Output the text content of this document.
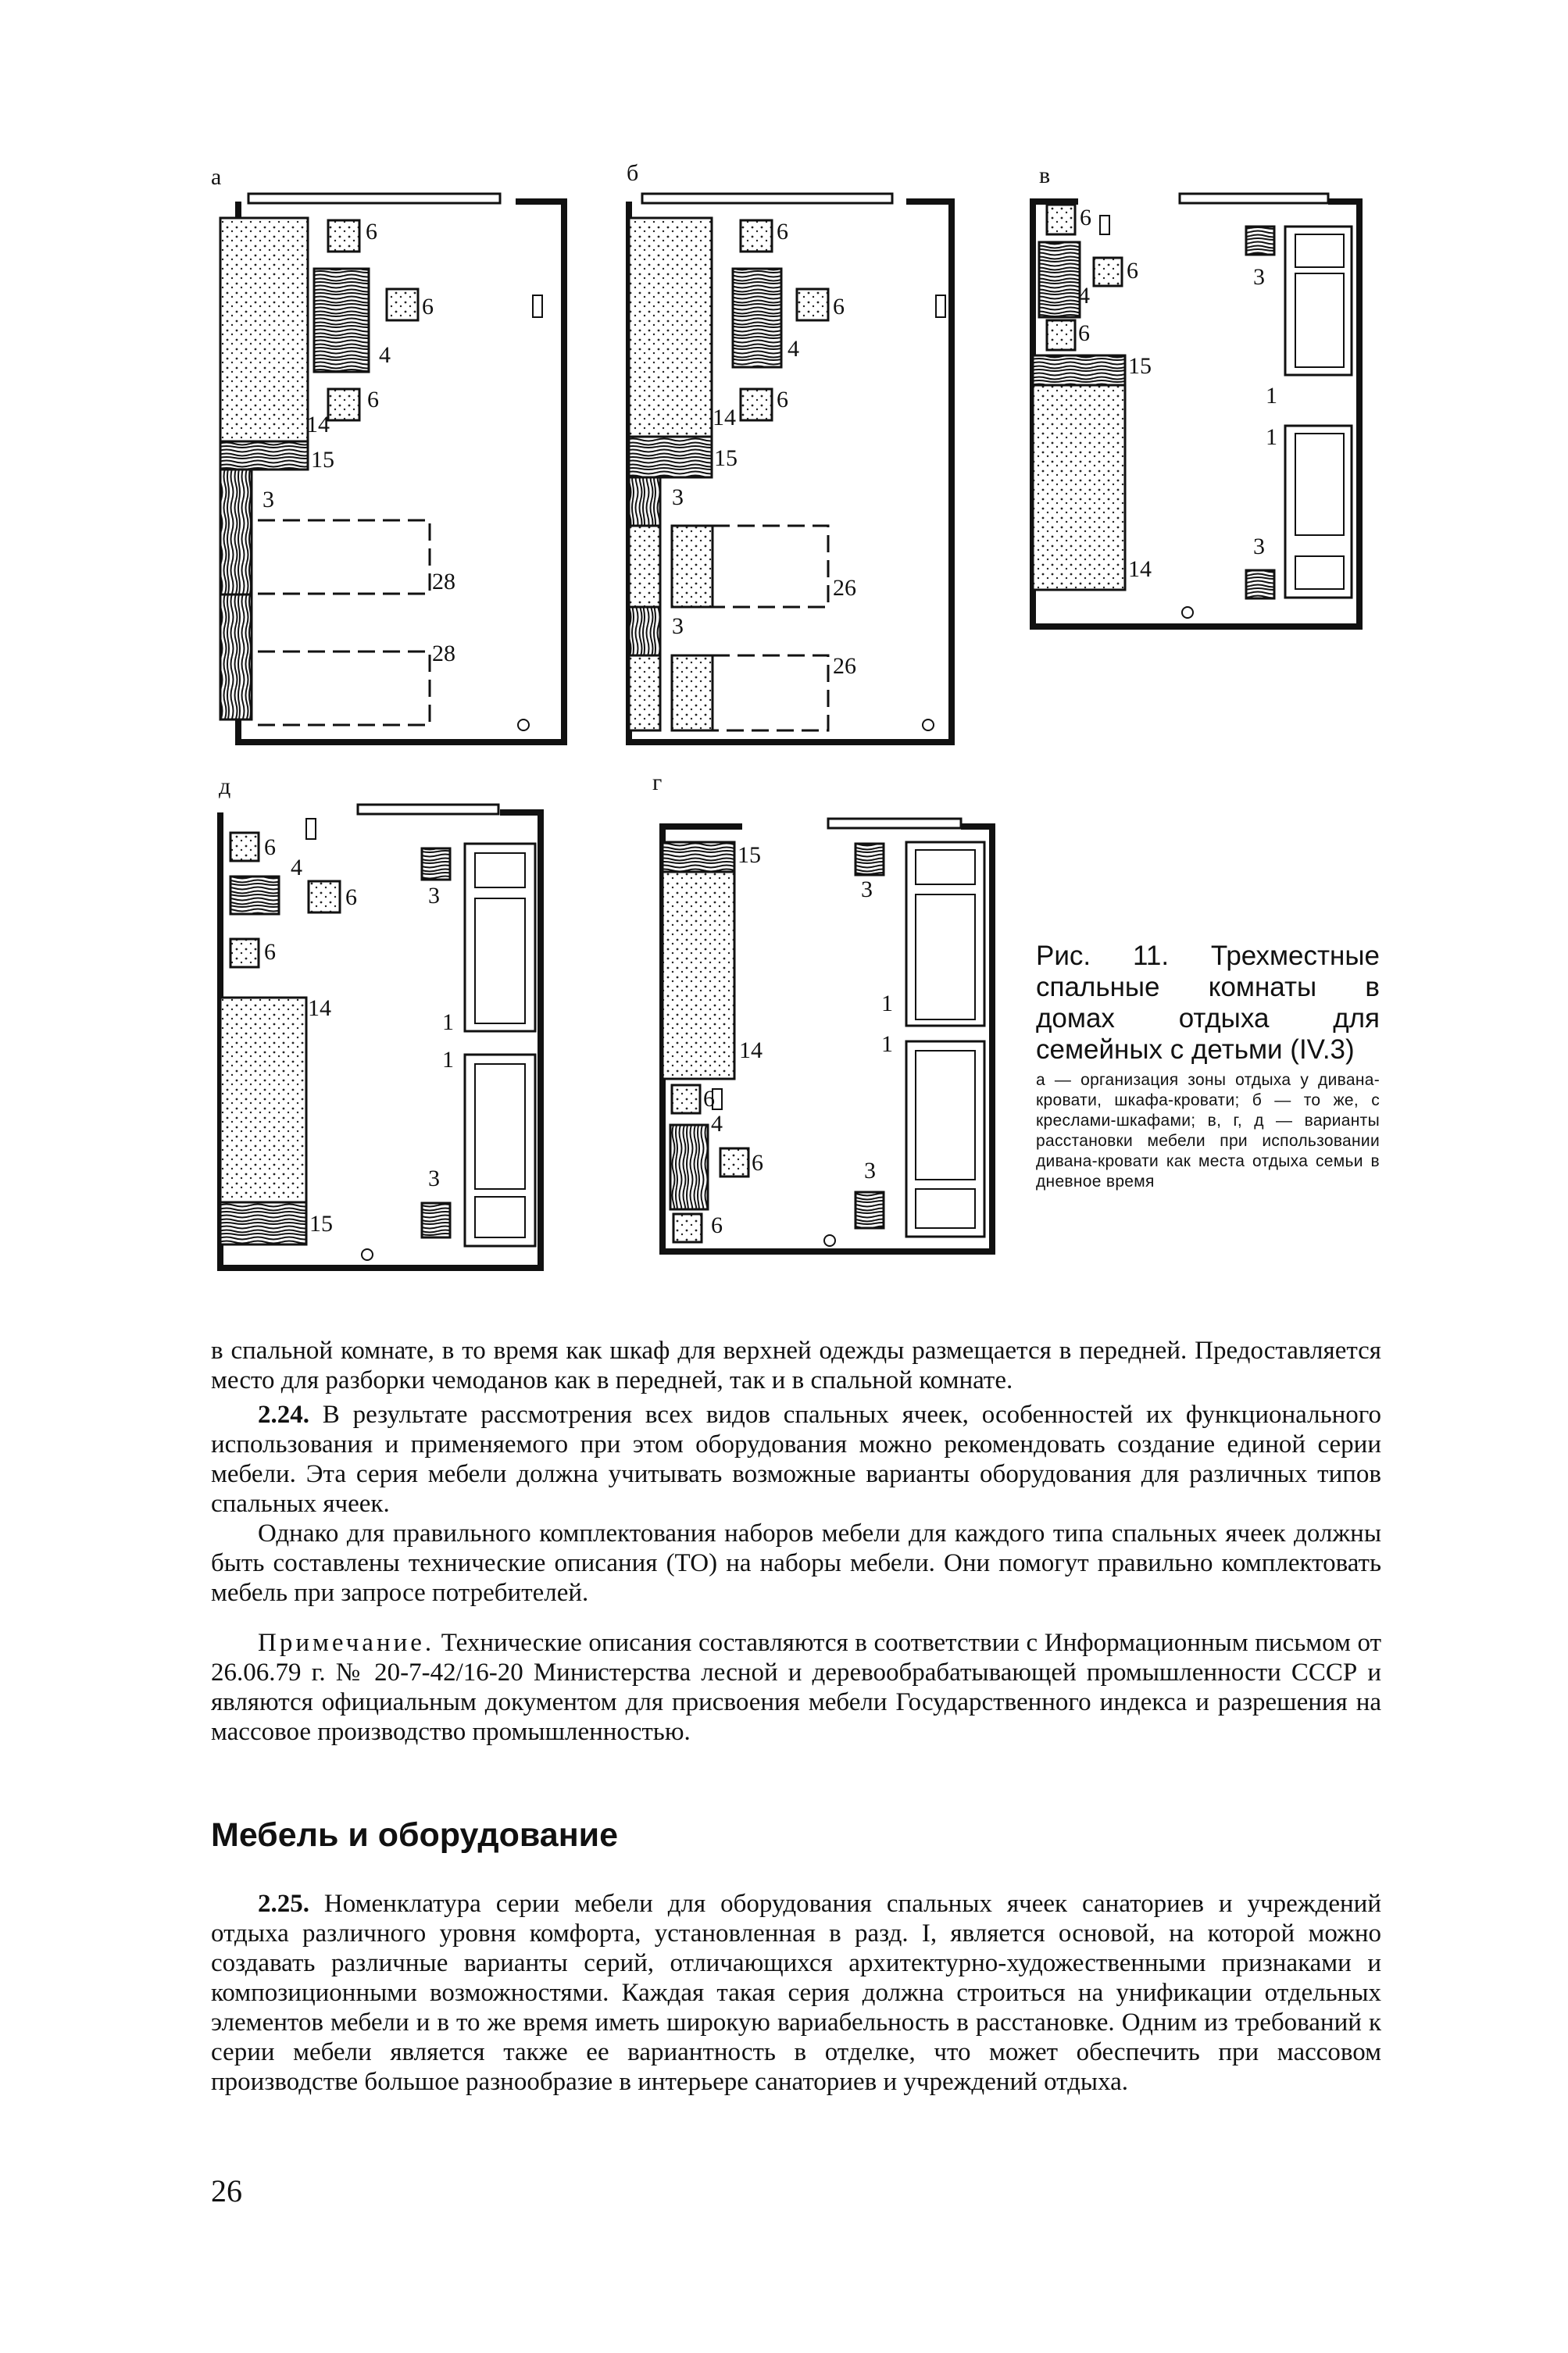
а	б	в
д	г
6
6
4
6
14
15
3
28
28
6
6
4
6
14
15
3
26
3
26
6
6
4
6
15
14
3
1
1
3
6
4
6
6
3
14
1
1
3
15
15
3
1
14	1
6
4
6	3
6
Рис. 11. Трехместные спальные комнаты в домах отдыха для семейных с детьми (IV.3)
а — организация зоны отдыха у дивана-кровати, шкафа-кровати; б — то же, с креслами-шкафами; в, г, д — варианты расстановки мебели при использовании дивана-кровати как места отдыха семьи в дневное время

в спальной комнате, в то время как шкаф для верхней одежды размещается в передней. Предоставляется место для разборки чемоданов как в передней, так и в спальной комнате.

2.24. В результате рассмотрения всех видов спальных ячеек, особенностей их функционального использования и применяемого при этом оборудования можно рекомендовать создание единой серии мебели. Эта серия мебели должна учитывать возможные варианты оборудования для различных типов спальных ячеек.

Однако для правильного комплектования наборов мебели для каждого типа спальных ячеек должны быть составлены технические описания (ТО) на наборы мебели. Они помогут правильно комплектовать мебель при запросе потребителей.

Примечание. Технические описания составляются в соответствии с Информационным письмом от 26.06.79 г. № 20-7-42/16-20 Министерства лесной и деревообрабатывающей промышленности СССР и являются официальным документом для присвоения мебели Государственного индекса и разрешения на массовое производство промышленностью.

Мебель и оборудование

2.25. Номенклатура серии мебели для оборудования спальных ячеек санаториев и учреждений отдыха различного уровня комфорта, установленная в разд. I, является основой, на которой можно создавать различные варианты серий, отличающихся архитектурно-художественными признаками и композиционными возможностями. Каждая такая серия должна строиться на унификации отдельных элементов мебели и в то же время иметь широкую вариабельность в расстановке. Одним из требований к серии мебели является также ее вариантность в отделке, что может обеспечить при массовом производстве большое разнообразие в интерьере санаториев и учреждений отдыха.

26
